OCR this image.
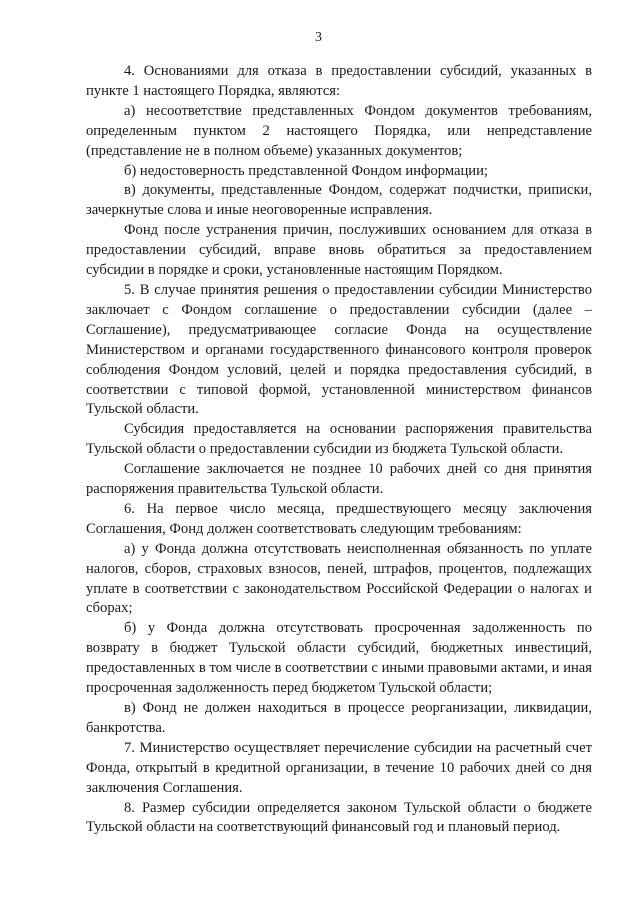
3

4. Основаниями для отказа в предоставлении субсидий, указанных в пункте 1 настоящего Порядка, являются:

а) несоответствие представленных Фондом документов требованиям, определенным пунктом 2 настоящего Порядка, или непредставление (представление не в полном объеме) указанных документов;

б) недостоверность представленной Фондом информации;

в) документы, представленные Фондом, содержат подчистки, приписки, зачеркнутые слова и иные неоговоренные исправления.

Фонд после устранения причин, послуживших основанием для отказа в предоставлении субсидий, вправе вновь обратиться за предоставлением субсидии в порядке и сроки, установленные настоящим Порядком.

5. В случае принятия решения о предоставлении субсидии Министерство заключает с Фондом соглашение о предоставлении субсидии (далее – Соглашение), предусматривающее согласие Фонда на осуществление Министерством и органами государственного финансового контроля проверок соблюдения Фондом условий, целей и порядка предоставления субсидий, в соответствии с типовой формой, установленной министерством финансов Тульской области.

Субсидия предоставляется на основании распоряжения правительства Тульской области о предоставлении субсидии из бюджета Тульской области.

Соглашение заключается не позднее 10 рабочих дней со дня принятия распоряжения правительства Тульской области.

6. На первое число месяца, предшествующего месяцу заключения Соглашения, Фонд должен соответствовать следующим требованиям:

а) у Фонда должна отсутствовать неисполненная обязанность по уплате налогов, сборов, страховых взносов, пеней, штрафов, процентов, подлежащих уплате в соответствии с законодательством Российской Федерации о налогах и сборах;

б) у Фонда должна отсутствовать просроченная задолженность по возврату в бюджет Тульской области субсидий, бюджетных инвестиций, предоставленных в том числе в соответствии с иными правовыми актами, и иная просроченная задолженность перед бюджетом Тульской области;

в) Фонд не должен находиться в процессе реорганизации, ликвидации, банкротства.

7. Министерство осуществляет перечисление субсидии на расчетный счет Фонда, открытый в кредитной организации, в течение 10 рабочих дней со дня заключения Соглашения.

8. Размер субсидии определяется законом Тульской области о бюджете Тульской области на соответствующий финансовый год и плановый период.
